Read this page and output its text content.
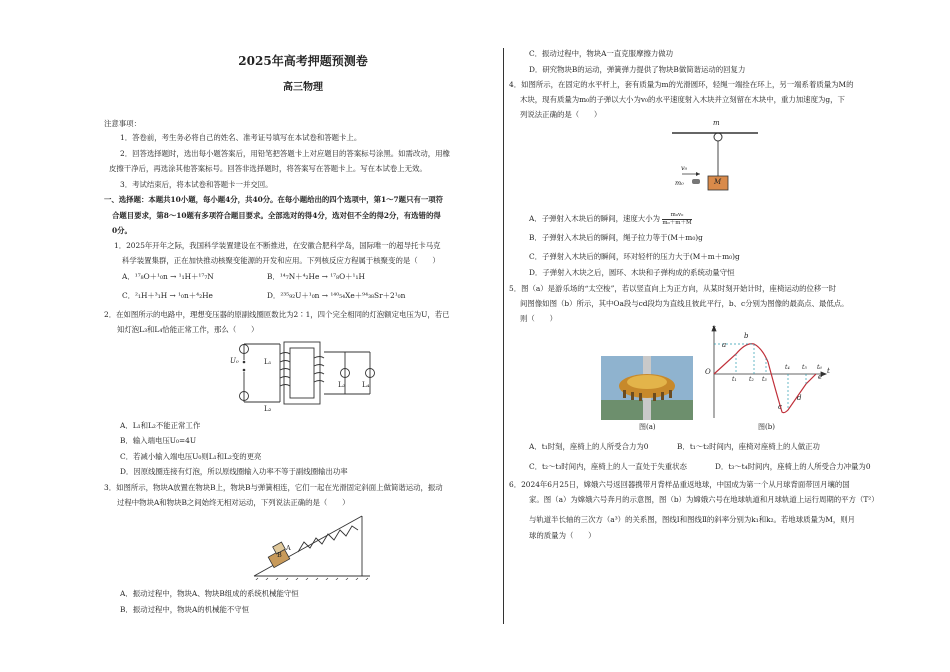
2025年高考押题预测卷
高三物理
注意事项：
1．答卷前，考生务必将自己的姓名、准考证号填写在本试卷和答题卡上。
2．回答选择题时，选出每小题答案后，用铅笔把答题卡上对应题目的答案标号涂黑。如需改动，用橡
皮擦干净后，再选涂其他答案标号。回答非选择题时，将答案写在答题卡上。写在本试卷上无效。
3．考试结束后，将本试卷和答题卡一并交回。
一、选择题：本题共10小题，每小题4分，共40分。在每小题给出的四个选项中，第1～7题只有一项符
合题目要求，第8～10题有多项符合题目要求。全部选对的得4分，选对但不全的得2分，有选错的得
0分。
1．2025年开年之际，我国科学装置建设在不断推进，在安徽合肥科学岛，国际唯一的超导托卡马克
科学装置集群，正在加快推动核聚变能源的开发和应用。下列核反应方程属于核聚变的是（　　）
A．¹⁷₈O＋¹₀n → ¹₁H＋¹⁷₇N	B．¹⁴₇N＋⁴₂He → ¹⁷₈O＋¹₁H
C．²₁H＋³₁H → ¹₀n＋⁴₂He	D．²³⁵₉₂U＋¹₀n → ¹⁴⁰₅₄Xe＋⁹⁴₃₈Sr＋2¹₀n
2．在如图所示的电路中，理想变压器的原副线圈匝数比为2∶1，四个完全相同的灯泡额定电压为U，若已
知灯泡L₃和L₄恰能正常工作，那么（　　）
U₀	L₁
L₂
L₃ L₄
A．L₁和L₂不能正常工作
B．输入端电压U₀=4U
C．若减小输入端电压U₀则L₁和L₂变的更亮
D．因原线圈连接有灯泡，所以原线圈输入功率不等于副线圈输出功率
3．如图所示，物块A放置在物块B上，物块B与弹簧相连，它们一起在光滑固定斜面上做简谐运动，振动
过程中物块A和物块B之间始终无相对运动，下列说法正确的是（　　）
A
B
A．振动过程中，物块A、物块B组成的系统机械能守恒
B．振动过程中，物块A的机械能不守恒
C．振动过程中，物块A一直克服摩擦力做功
D．研究物块B的运动，弹簧弹力提供了物块B做简谐运动的回复力
4．如图所示，在固定的水平杆上，套有质量为m的光滑圆环，轻绳一端拴在环上，另一端系着质量为M的
木块，现有质量为m₀的子弹以大小为v₀的水平速度射入木块并立刻留在木块中，重力加速度为g，下
列说法正确的是（　　）
m
v₀
m₀	M
A．子弹射入木块后的瞬间，速度大小为 $\frac{\text{m₀v₀}}{\text{m₀＋m＋M}}$
B．子弹射入木块后的瞬间，绳子拉力等于(M＋m₀)g
C．子弹射入木块后的瞬间，环对轻杆的压力大于(M＋m＋m₀)g
D．子弹射入木块之后，圆环、木块和子弹构成的系统动量守恒
5．图（a）是游乐场的“太空梭”，若以竖直向上为正方向，从某时刻开始计时，座椅运动的位移一时
间图像如图（b）所示，其中Oa段与cd段均为直线且彼此平行，b、c分别为图像的最高点、最低点。
则（　　）
图(a)
x
t
O
a
b
c
d
e
t₁ t₂ t₃
t₄ t₅ t₆
图(b)
A．t₁时刻，座椅上的人所受合力为0	B．t₁～t₂时间内，座椅对座椅上的人做正功
C．t₂～t₃时间内，座椅上的人一直处于失重状态	D．t₃～t₄时间内，座椅上的人所受合力冲量为0
6．2024年6月25日，嫦娥六号返回器携带月背样品重返地球，中国成为第一个从月球背面带回月壤的国
家。图（a）为嫦娥六号奔月的示意图，图（b）为嫦娥六号在地球轨道和月球轨道上运行周期的平方（T²）
与轨道半长轴的三次方（a³）的关系图，图线Ⅰ和图线Ⅱ的斜率分别为k₁和k₂。若地球质量为M，则月
球的质量为（　　）
